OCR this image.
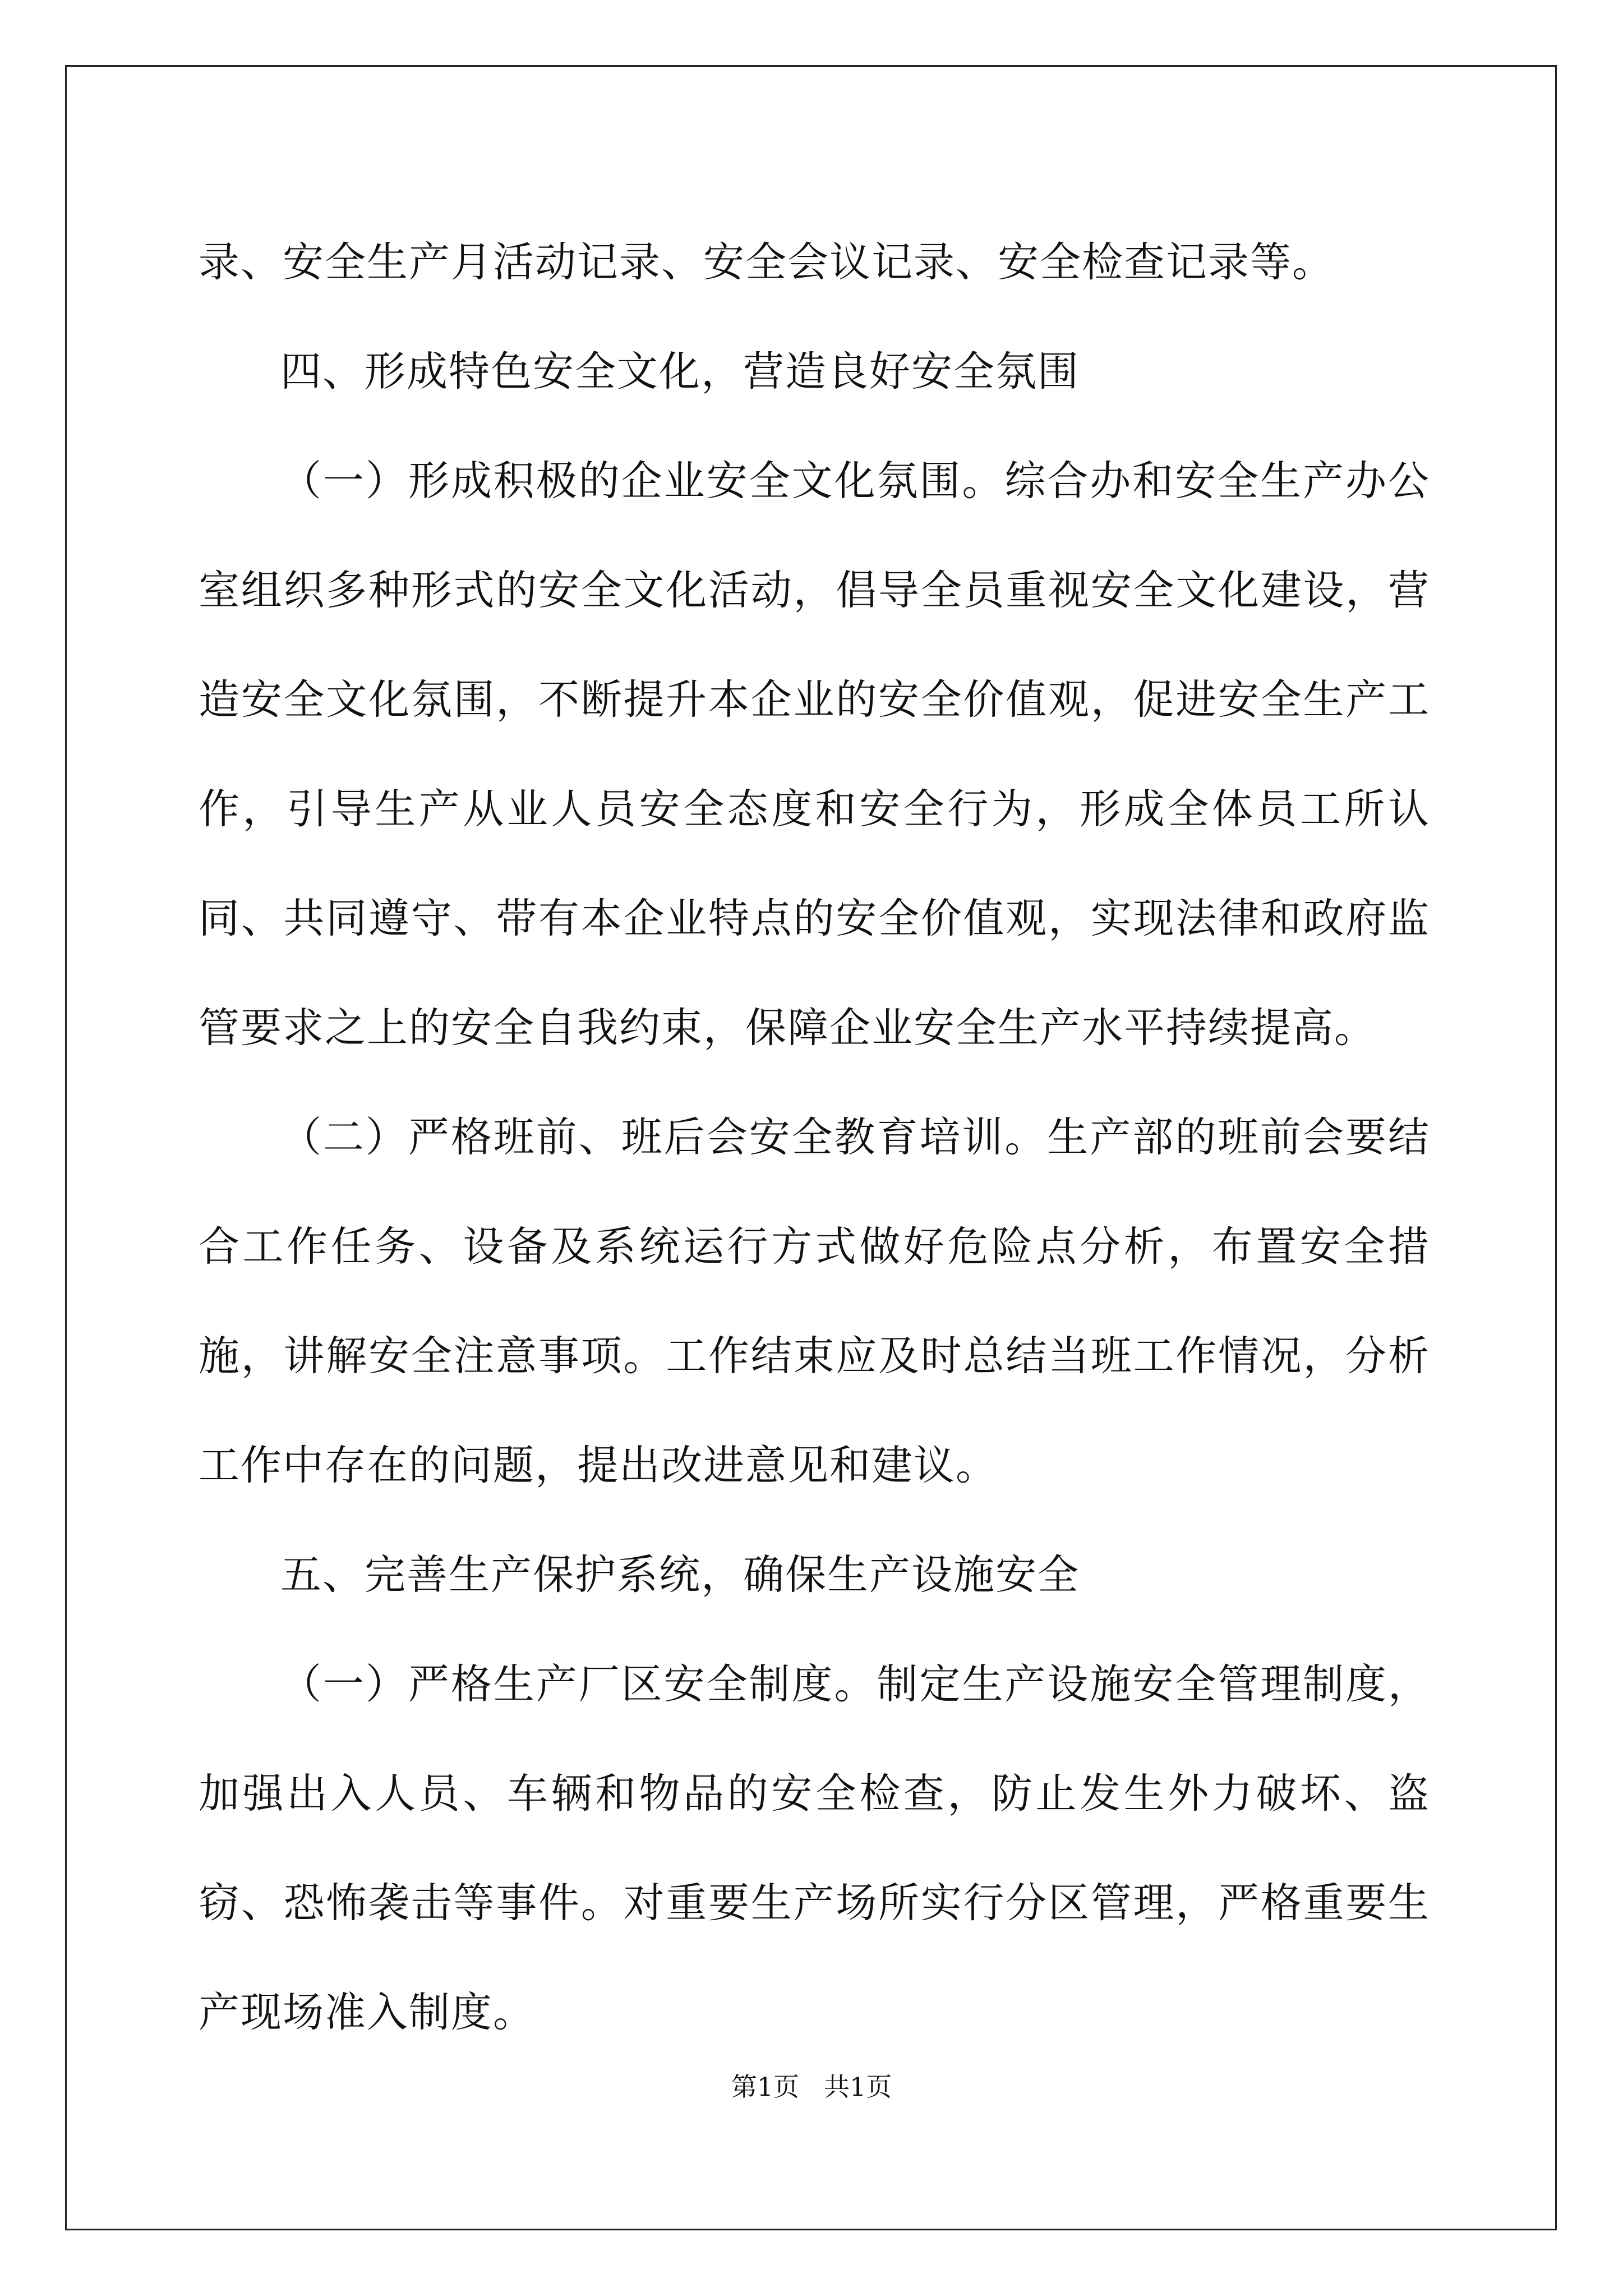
录、安全生产月活动记录、安全会议记录、安全检查记录等。

四、形成特色安全文化，营造良好安全氛围

（一）形成积极的企业安全文化氛围。综合办和安全生产办公室组织多种形式的安全文化活动，倡导全员重视安全文化建设，营造安全文化氛围，不断提升本企业的安全价值观，促进安全生产工作，引导生产从业人员安全态度和安全行为，形成全体员工所认同、共同遵守、带有本企业特点的安全价值观，实现法律和政府监管要求之上的安全自我约束，保障企业安全生产水平持续提高。

（二）严格班前、班后会安全教育培训。生产部的班前会要结合工作任务、设备及系统运行方式做好危险点分析，布置安全措施，讲解安全注意事项。工作结束应及时总结当班工作情况，分析工作中存在的问题，提出改进意见和建议。

五、完善生产保护系统，确保生产设施安全

（一）严格生产厂区安全制度。制定生产设施安全管理制度，加强出入人员、车辆和物品的安全检查，防止发生外力破坏、盗窃、恐怖袭击等事件。对重要生产场所实行分区管理，严格重要生产现场准入制度。

第1页 共1页
